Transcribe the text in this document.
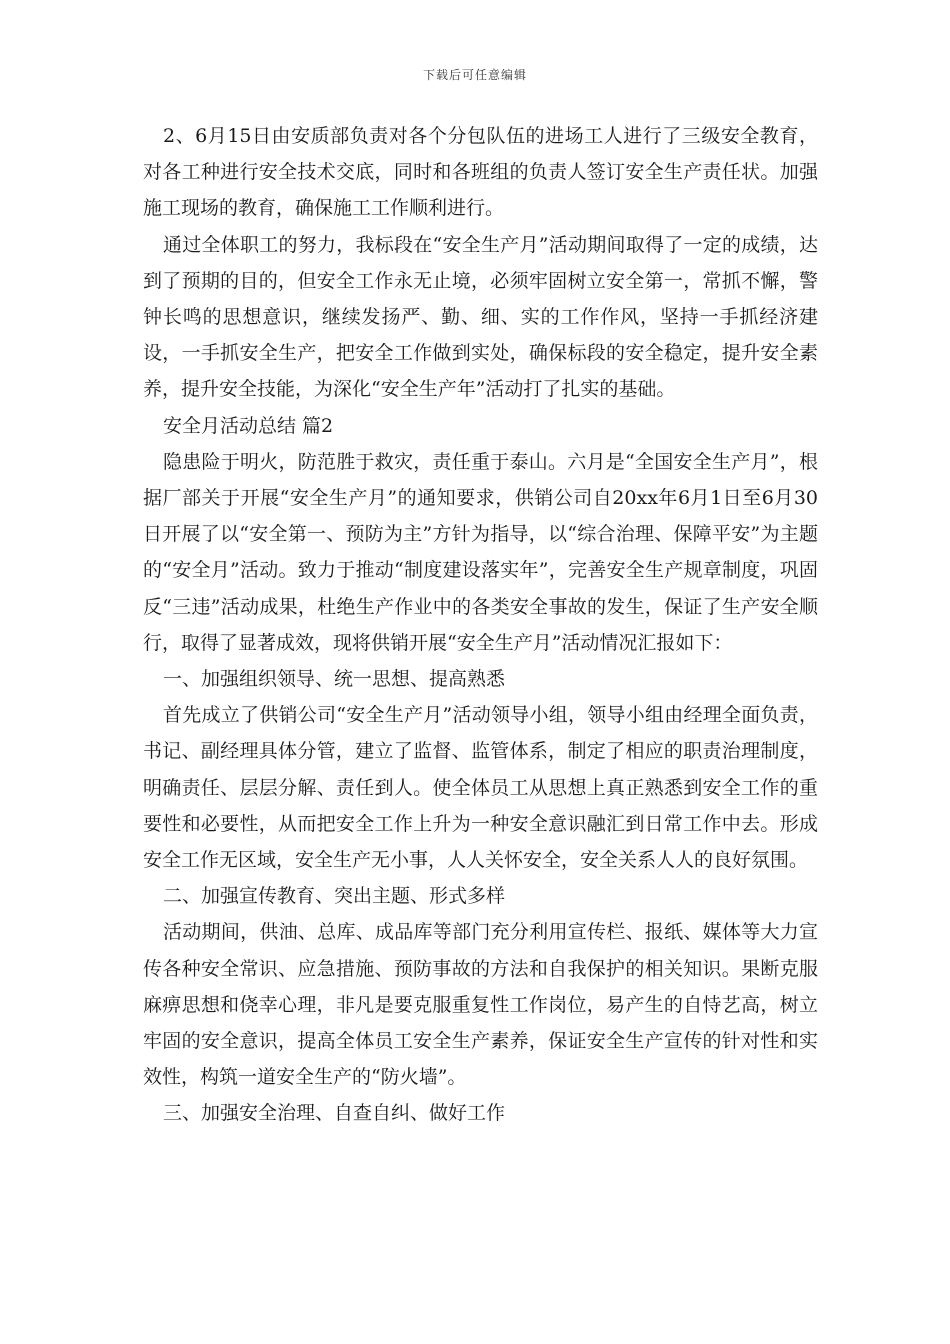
下载后可任意编辑

2、6月15日由安质部负责对各个分包队伍的进场工人进行了三级安全教育，对各工种进行安全技术交底，同时和各班组的负责人签订安全生产责任状。加强施工现场的教育，确保施工工作顺利进行。

通过全体职工的努力，我标段在“安全生产月”活动期间取得了一定的成绩，达到了预期的目的，但安全工作永无止境，必须牢固树立安全第一，常抓不懈，警钟长鸣的思想意识，继续发扬严、勤、细、实的工作作风，坚持一手抓经济建设，一手抓安全生产，把安全工作做到实处，确保标段的安全稳定，提升安全素养，提升安全技能，为深化“安全生产年”活动打了扎实的基础。

安全月活动总结 篇2

隐患险于明火，防范胜于救灾，责任重于泰山。六月是“全国安全生产月”，根据厂部关于开展“安全生产月”的通知要求，供销公司自20xx年6月1日至6月30日开展了以“安全第一、预防为主”方针为指导，以“综合治理、保障平安”为主题的“安全月”活动。致力于推动“制度建设落实年”，完善安全生产规章制度，巩固反“三违”活动成果，杜绝生产作业中的各类安全事故的发生，保证了生产安全顺行，取得了显著成效，现将供销开展“安全生产月”活动情况汇报如下：

一、加强组织领导、统一思想、提高熟悉

首先成立了供销公司“安全生产月”活动领导小组，领导小组由经理全面负责，书记、副经理具体分管，建立了监督、监管体系，制定了相应的职责治理制度，明确责任、层层分解、责任到人。使全体员工从思想上真正熟悉到安全工作的重要性和必要性，从而把安全工作上升为一种安全意识融汇到日常工作中去。形成安全工作无区域，安全生产无小事，人人关怀安全，安全关系人人的良好氛围。

二、加强宣传教育、突出主题、形式多样

活动期间，供油、总库、成品库等部门充分利用宣传栏、报纸、媒体等大力宣传各种安全常识、应急措施、预防事故的方法和自我保护的相关知识。果断克服麻痹思想和侥幸心理，非凡是要克服重复性工作岗位，易产生的自恃艺高，树立牢固的安全意识，提高全体员工安全生产素养，保证安全生产宣传的针对性和实效性，构筑一道安全生产的“防火墙”。

三、加强安全治理、自查自纠、做好工作
